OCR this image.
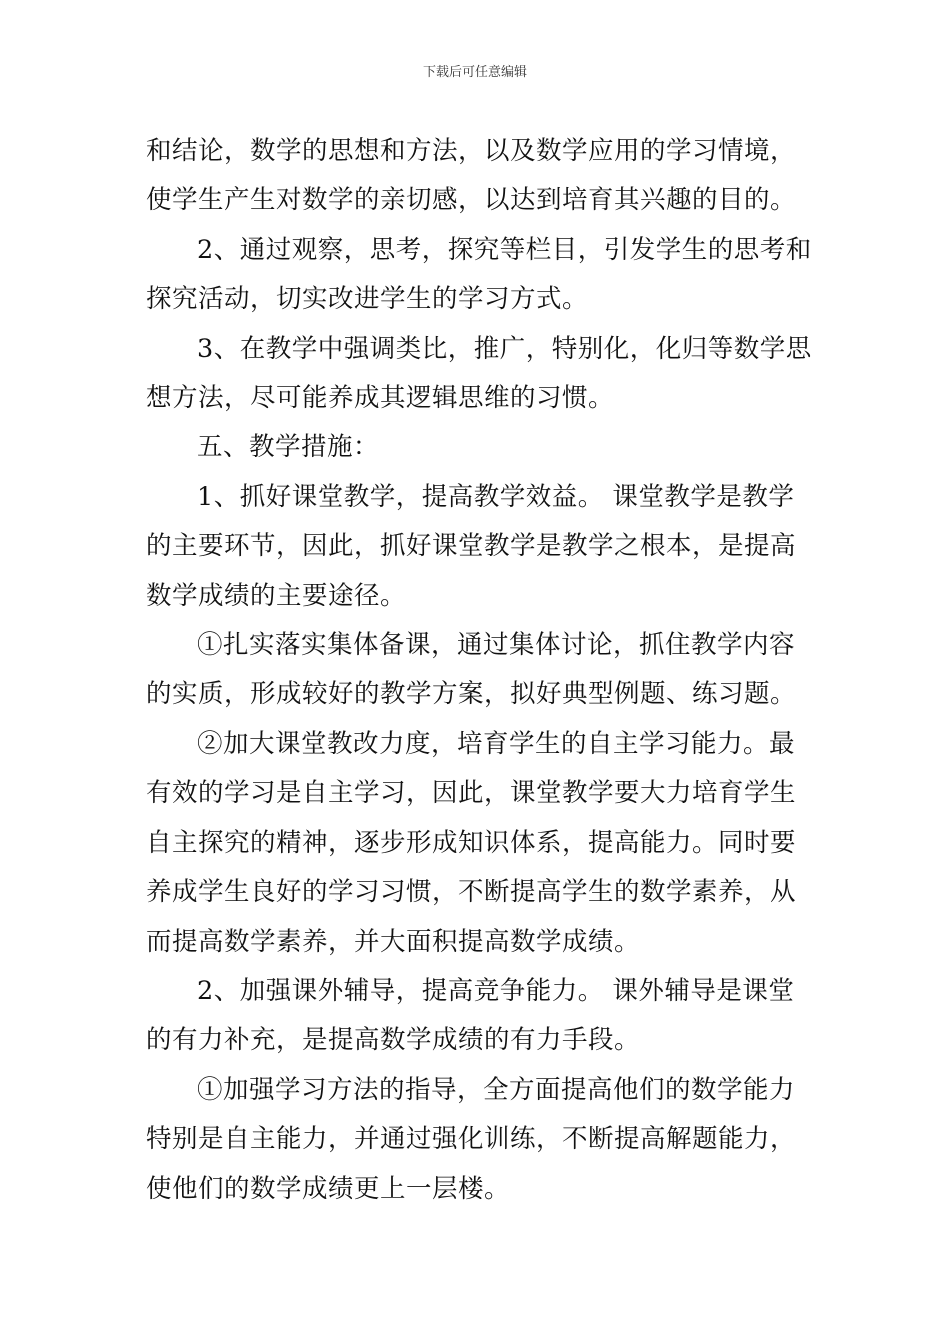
下载后可任意编辑
和结论，数学的思想和方法，以及数学应用的学习情境，
使学生产生对数学的亲切感，以达到培育其兴趣的目的。
2、通过观察，思考，探究等栏目，引发学生的思考和
探究活动，切实改进学生的学习方式。
3、在教学中强调类比，推广，特别化，化归等数学思
想方法，尽可能养成其逻辑思维的习惯。
五、教学措施：
1、抓好课堂教学，提高教学效益。 课堂教学是教学
的主要环节，因此，抓好课堂教学是教学之根本，是提高
数学成绩的主要途径。
①扎实落实集体备课，通过集体讨论，抓住教学内容
的实质，形成较好的教学方案，拟好典型例题、练习题。
②加大课堂教改力度，培育学生的自主学习能力。最
有效的学习是自主学习，因此，课堂教学要大力培育学生
自主探究的精神，逐步形成知识体系，提高能力。同时要
养成学生良好的学习习惯，不断提高学生的数学素养，从
而提高数学素养，并大面积提高数学成绩。
2、加强课外辅导，提高竞争能力。 课外辅导是课堂
的有力补充，是提高数学成绩的有力手段。
①加强学习方法的指导，全方面提高他们的数学能力
特别是自主能力，并通过强化训练，不断提高解题能力，
使他们的数学成绩更上一层楼。
